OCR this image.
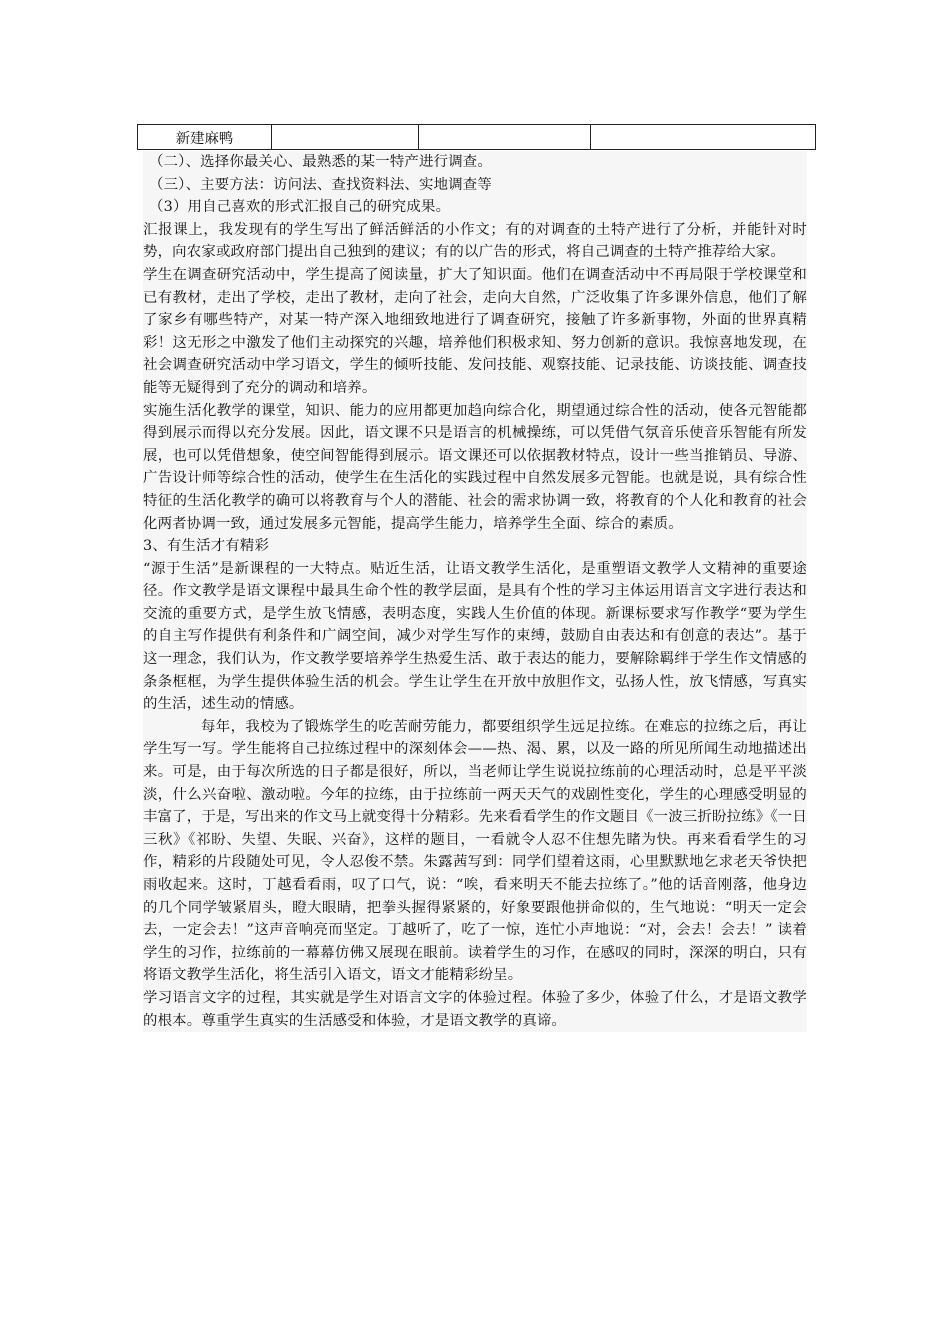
新建麻鸭			

（二）、选择你最关心、最熟悉的某一特产进行调查。

（三）、主要方法：访问法、查找资料法、实地调查等

（3）用自己喜欢的形式汇报自己的研究成果。

汇报课上，我发现有的学生写出了鲜活鲜活的小作文；有的对调查的土特产进行了分析，并能针对时势，向农家或政府部门提出自己独到的建议；有的以广告的形式，将自己调查的土特产推荐给大家。

学生在调查研究活动中，学生提高了阅读量，扩大了知识面。他们在调查活动中不再局限于学校课堂和已有教材，走出了学校，走出了教材，走向了社会，走向大自然，广泛收集了许多课外信息，他们了解了家乡有哪些特产，对某一特产深入地细致地进行了调查研究，接触了许多新事物，外面的世界真精彩！这无形之中激发了他们主动探究的兴趣，培养他们积极求知、努力创新的意识。我惊喜地发现，在社会调查研究活动中学习语文，学生的倾听技能、发问技能、观察技能、记录技能、访谈技能、调查技能等无疑得到了充分的调动和培养。

实施生活化教学的课堂，知识、能力的应用都更加趋向综合化，期望通过综合性的活动，使各元智能都得到展示而得以充分发展。因此，语文课不只是语言的机械操练，可以凭借气氛音乐使音乐智能有所发展，也可以凭借想象，使空间智能得到展示。语文课还可以依据教材特点，设计一些当推销员、导游、广告设计师等综合性的活动，使学生在生活化的实践过程中自然发展多元智能。也就是说，具有综合性特征的生活化教学的确可以将教育与个人的潜能、社会的需求协调一致，将教育的个人化和教育的社会化两者协调一致，通过发展多元智能，提高学生能力，培养学生全面、综合的素质。

3、有生活才有精彩

“源于生活”是新课程的一大特点。贴近生活，让语文教学生活化，是重塑语文教学人文精神的重要途径。作文教学是语文课程中最具生命个性的教学层面，是具有个性的学习主体运用语言文字进行表达和交流的重要方式，是学生放飞情感，表明态度，实践人生价值的体现。新课标要求写作教学“要为学生的自主写作提供有利条件和广阔空间，减少对学生写作的束缚，鼓励自由表达和有创意的表达”。基于这一理念，我们认为，作文教学要培养学生热爱生活、敢于表达的能力，要解除羁绊于学生作文情感的条条框框，为学生提供体验生活的机会。学生让学生在开放中放胆作文，弘扬人性，放飞情感，写真实的生活，述生动的情感。

每年，我校为了锻炼学生的吃苦耐劳能力，都要组织学生远足拉练。在难忘的拉练之后，再让学生写一写。学生能将自己拉练过程中的深刻体会——热、渴、累，以及一路的所见所闻生动地描述出来。可是，由于每次所选的日子都是很好，所以，当老师让学生说说拉练前的心理活动时，总是平平淡淡，什么兴奋啦、激动啦。今年的拉练，由于拉练前一两天天气的戏剧性变化，学生的心理感受明显的丰富了，于是，写出来的作文马上就变得十分精彩。先来看看学生的作文题目《一波三折盼拉练》《一日三秋》《祁盼、失望、失眠、兴奋》，这样的题目，一看就令人忍不住想先睹为快。再来看看学生的习作，精彩的片段随处可见，令人忍俊不禁。朱露茜写到：同学们望着这雨，心里默默地乞求老天爷快把雨收起来。这时，丁越看看雨，叹了口气，说：“唉，看来明天不能去拉练了。”他的话音刚落，他身边的几个同学皱紧眉头，瞪大眼睛，把拳头握得紧紧的，好象要跟他拼命似的，生气地说：“明天一定会去，一定会去！”这声音响亮而坚定。丁越听了，吃了一惊，连忙小声地说：“对，会去！会去！” 读着学生的习作，拉练前的一幕幕仿佛又展现在眼前。读着学生的习作，在感叹的同时，深深的明白，只有将语文教学生活化，将生活引入语文，语文才能精彩纷呈。

学习语言文字的过程，其实就是学生对语言文字的体验过程。体验了多少，体验了什么，才是语文教学的根本。尊重学生真实的生活感受和体验，才是语文教学的真谛。
